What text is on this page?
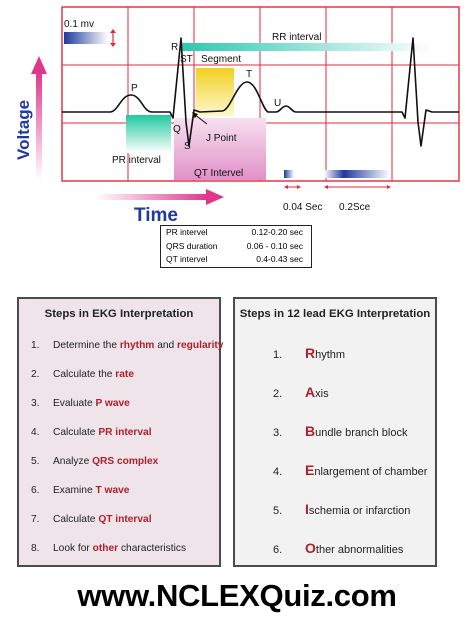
0.1 mv
RR interval
R
ST Segment
P
T
U
Q
S
J Point
PR interval
QT Intervel
0.04 Sec 0.2Sce
Time
Voltage
PR intervel	0.12-0.20 sec
QRS duration	0.06 - 0.10 sec
QT intervel	0.4-0.43 sec
Steps in EKG Interpretation
1. Determine the rhythm and regularity
2. Calculate the rate
3. Evaluate P wave
4. Calculate PR interval
5. Analyze QRS complex
6. Examine T wave
7. Calculate QT interval
8. Look for other characteristics
Steps in 12 lead EKG Interpretation
1. Rhythm
2. Axis
3. Bundle branch block
4. Enlargement of chamber
5. Ischemia or infarction
6. Other abnormalities
www.NCLEXQuiz.com
